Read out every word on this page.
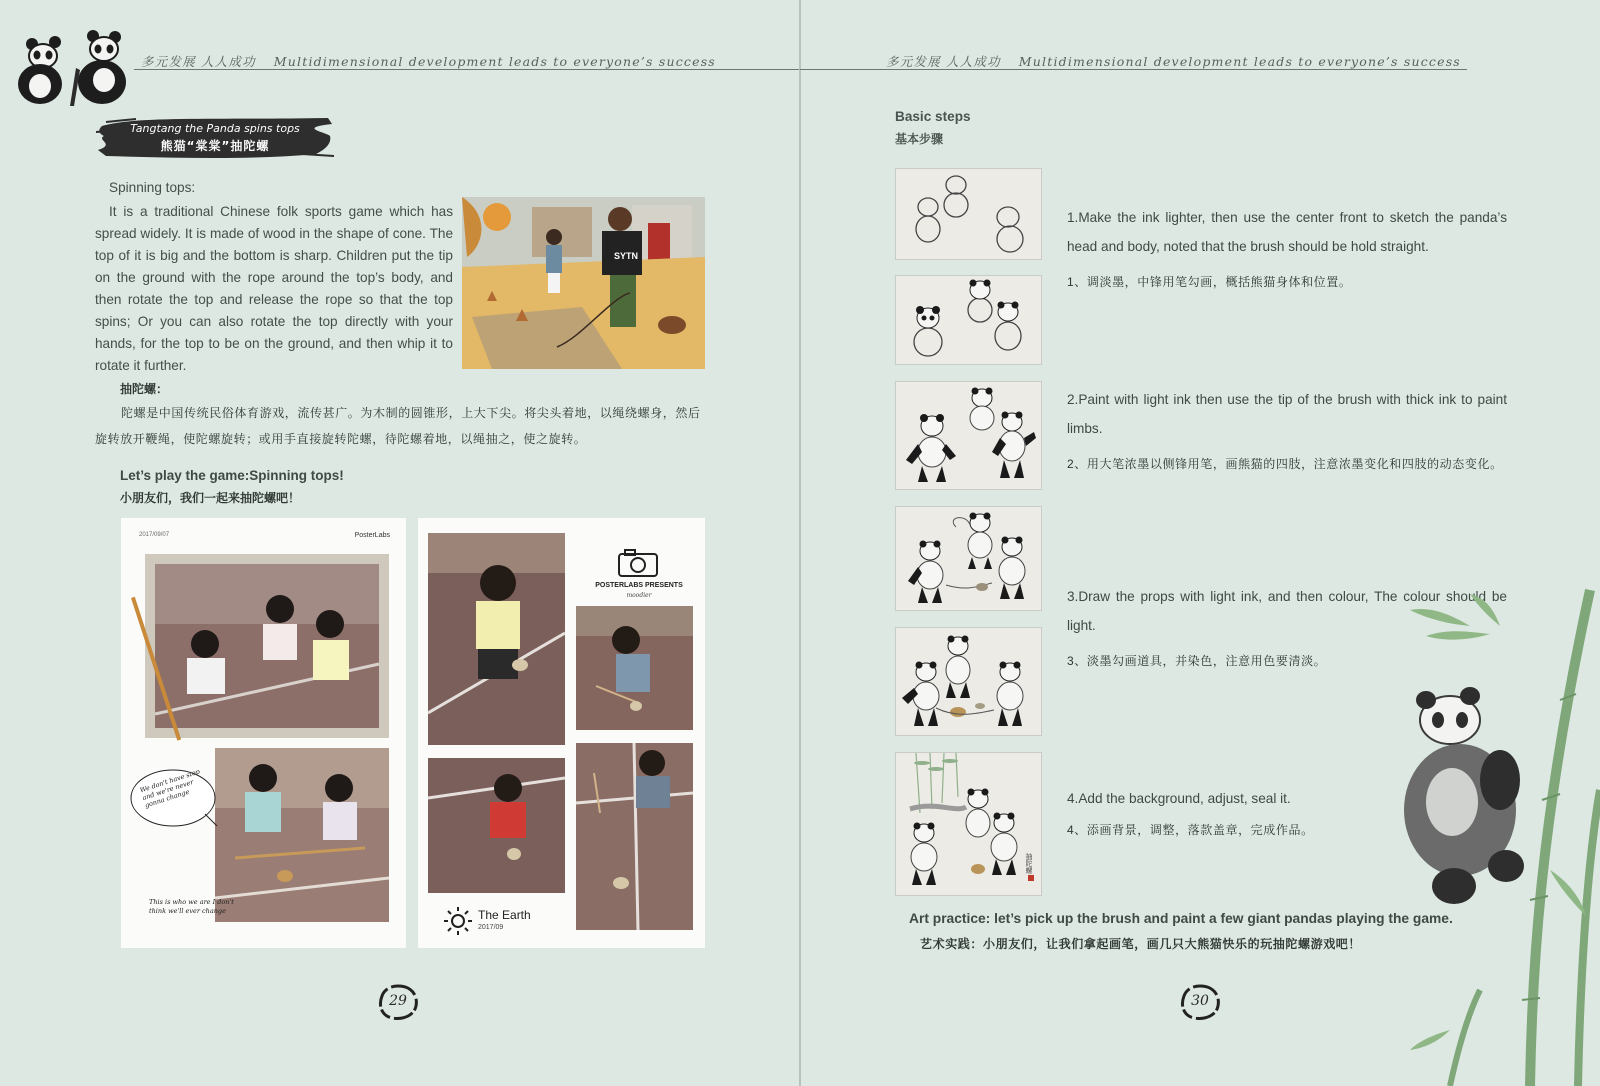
多元发展 人人成功 Multidimensional development leads to everyone’s success
Tangtang the Panda spins tops
熊猫“棠棠”抽陀螺
Spinning tops:
It is a traditional Chinese folk sports game which has spread widely. It is made of wood in the shape of cone. The top of it is big and the bottom is sharp. Children put the tip on the ground with the rope around the top’s body, and then rotate the top and release the rope so that the top spins; Or you can also rotate the top directly with your hands, for the top to be on the ground, and then whip it to rotate it further.
SYTN
抽陀螺：
陀螺是中国传统民俗体育游戏，流传甚广。为木制的圆锥形，上大下尖。将尖头着地，以绳绕螺身，然后旋转放开鞭绳，使陀螺旋转；或用手直接旋转陀螺，待陀螺着地，以绳抽之，使之旋转。
Let’s play the game:Spinning tops!
小朋友们，我们一起来抽陀螺吧！
2017/09/07	PosterLabs
We don't have stop and we're never gonna change
This is who we are I don't think we'll ever change
POSTERLABS PRESENTS
moodier
The Earth
2017/09
29
多元发展 人人成功 Multidimensional development leads to everyone’s success
Basic steps
基本步骤
抽陀螺
1.Make the ink lighter, then use the center front to sketch the panda’s head and body, noted that the brush should be hold straight.
1、调淡墨，中锋用笔勾画，概括熊猫身体和位置。
2.Paint with light ink then use the tip of the brush with thick ink to paint limbs.
2、用大笔浓墨以侧锋用笔，画熊猫的四肢，注意浓墨变化和四肢的动态变化。
3.Draw the props with light ink, and then colour, The colour should be light.
3、淡墨勾画道具，并染色，注意用色要清淡。
4.Add the background, adjust, seal it.
4、添画背景，调整，落款盖章，完成作品。
Art practice: let’s pick up the brush and paint a few giant pandas playing the game.
艺术实践：小朋友们，让我们拿起画笔，画几只大熊猫快乐的玩抽陀螺游戏吧！
30
